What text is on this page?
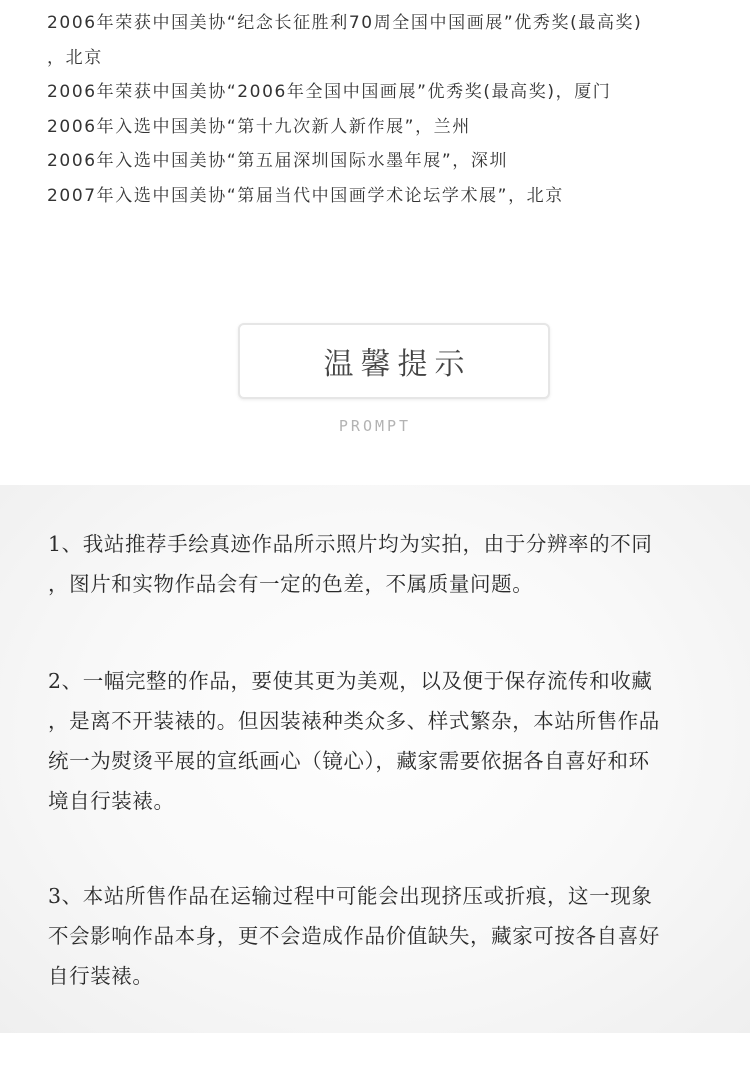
2006年荣获中国美协“纪念长征胜利70周全国中国画展”优秀奖(最高奖)
，北京
2006年荣获中国美协“2006年全国中国画展”优秀奖(最高奖)，厦门
2006年入选中国美协“第十九次新人新作展”，兰州
2006年入选中国美协“第五届深圳国际水墨年展”，深圳
2007年入选中国美协“第届当代中国画学术论坛学术展”，北京
温馨提示
PROMPT
1、我站推荐手绘真迹作品所示照片均为实拍，由于分辨率的不同
，图片和实物作品会有一定的色差，不属质量问题。
2、一幅完整的作品，要使其更为美观，以及便于保存流传和收藏
，是离不开装裱的。但因装裱种类众多、样式繁杂，本站所售作品
统一为熨烫平展的宣纸画心（镜心），藏家需要依据各自喜好和环
境自行装裱。
3、本站所售作品在运输过程中可能会出现挤压或折痕，这一现象
不会影响作品本身，更不会造成作品价值缺失，藏家可按各自喜好
自行装裱。
